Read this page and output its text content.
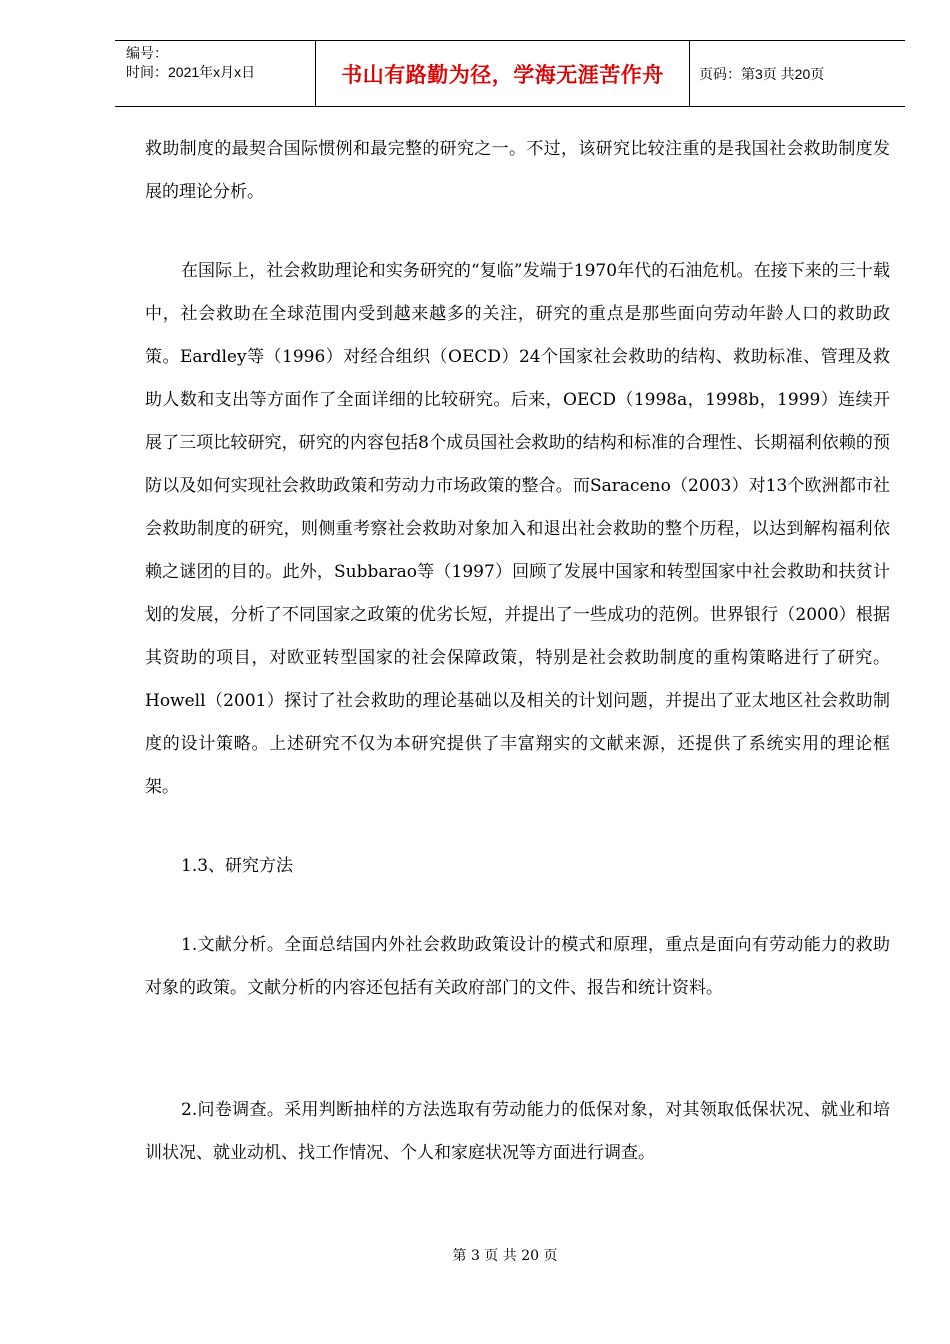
编号：
时间：2021年x月x日	书山有路勤为径，学海无涯苦作舟	页码：第3页 共20页

救助制度的最契合国际惯例和最完整的研究之一。不过，该研究比较注重的是我国社会救助制度发展的理论分析。

在国际上，社会救助理论和实务研究的“复临”发端于1970年代的石油危机。在接下来的三十载中，社会救助在全球范围内受到越来越多的关注，研究的重点是那些面向劳动年龄人口的救助政策。Eardley等（1996）对经合组织（OECD）24个国家社会救助的结构、救助标准、管理及救助人数和支出等方面作了全面详细的比较研究。后来，OECD（1998a，1998b，1999）连续开展了三项比较研究，研究的内容包括8个成员国社会救助的结构和标准的合理性、长期福利依赖的预防以及如何实现社会救助政策和劳动力市场政策的整合。而Saraceno（2003）对13个欧洲都市社会救助制度的研究，则侧重考察社会救助对象加入和退出社会救助的整个历程，以达到解构福利依赖之谜团的目的。此外，Subbarao等（1997）回顾了发展中国家和转型国家中社会救助和扶贫计划的发展，分析了不同国家之政策的优劣长短，并提出了一些成功的范例。世界银行（2000）根据其资助的项目，对欧亚转型国家的社会保障政策，特别是社会救助制度的重构策略进行了研究。Howell（2001）探讨了社会救助的理论基础以及相关的计划问题，并提出了亚太地区社会救助制度的设计策略。上述研究不仅为本研究提供了丰富翔实的文献来源，还提供了系统实用的理论框架。

1.3、研究方法

1.文献分析。全面总结国内外社会救助政策设计的模式和原理，重点是面向有劳动能力的救助对象的政策。文献分析的内容还包括有关政府部门的文件、报告和统计资料。

2.问卷调查。采用判断抽样的方法选取有劳动能力的低保对象，对其领取低保状况、就业和培训状况、就业动机、找工作情况、个人和家庭状况等方面进行调查。

第 3 页 共 20 页
